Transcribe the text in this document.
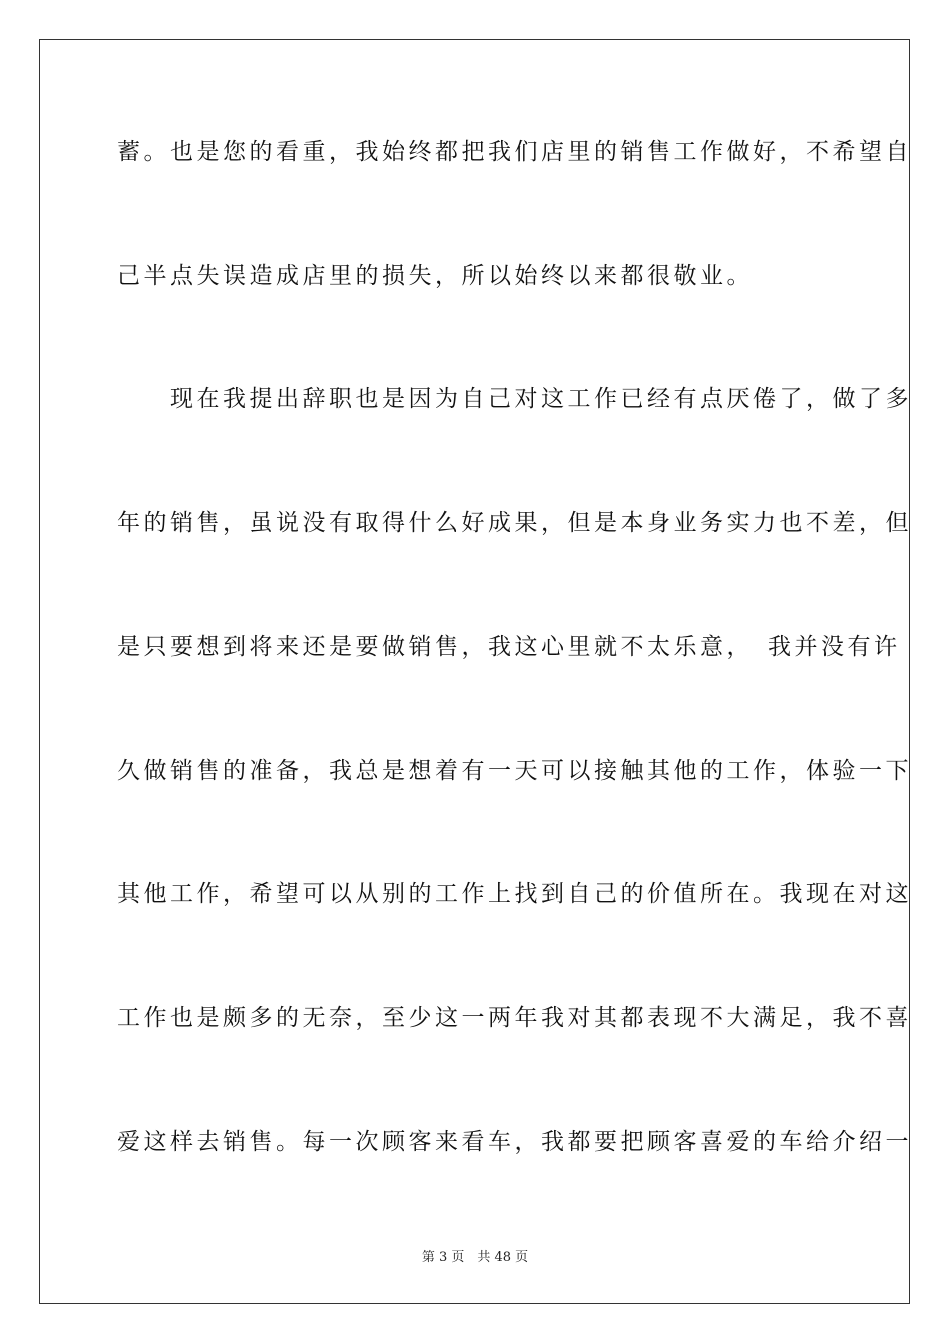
蓄。也是您的看重，我始终都把我们店里的销售工作做好，不希望自
己半点失误造成店里的损失，所以始终以来都很敬业。
　　现在我提出辞职也是因为自己对这工作已经有点厌倦了，做了多
年的销售，虽说没有取得什么好成果，但是本身业务实力也不差，但
是只要想到将来还是要做销售，我这心里就不太乐意，　我并没有许
久做销售的准备，我总是想着有一天可以接触其他的工作，体验一下
其他工作，希望可以从别的工作上找到自己的价值所在。我现在对这
工作也是颇多的无奈，至少这一两年我对其都表现不大满足，我不喜
爱这样去销售。每一次顾客来看车，我都要把顾客喜爱的车给介绍一
第 3 页　共 48 页
